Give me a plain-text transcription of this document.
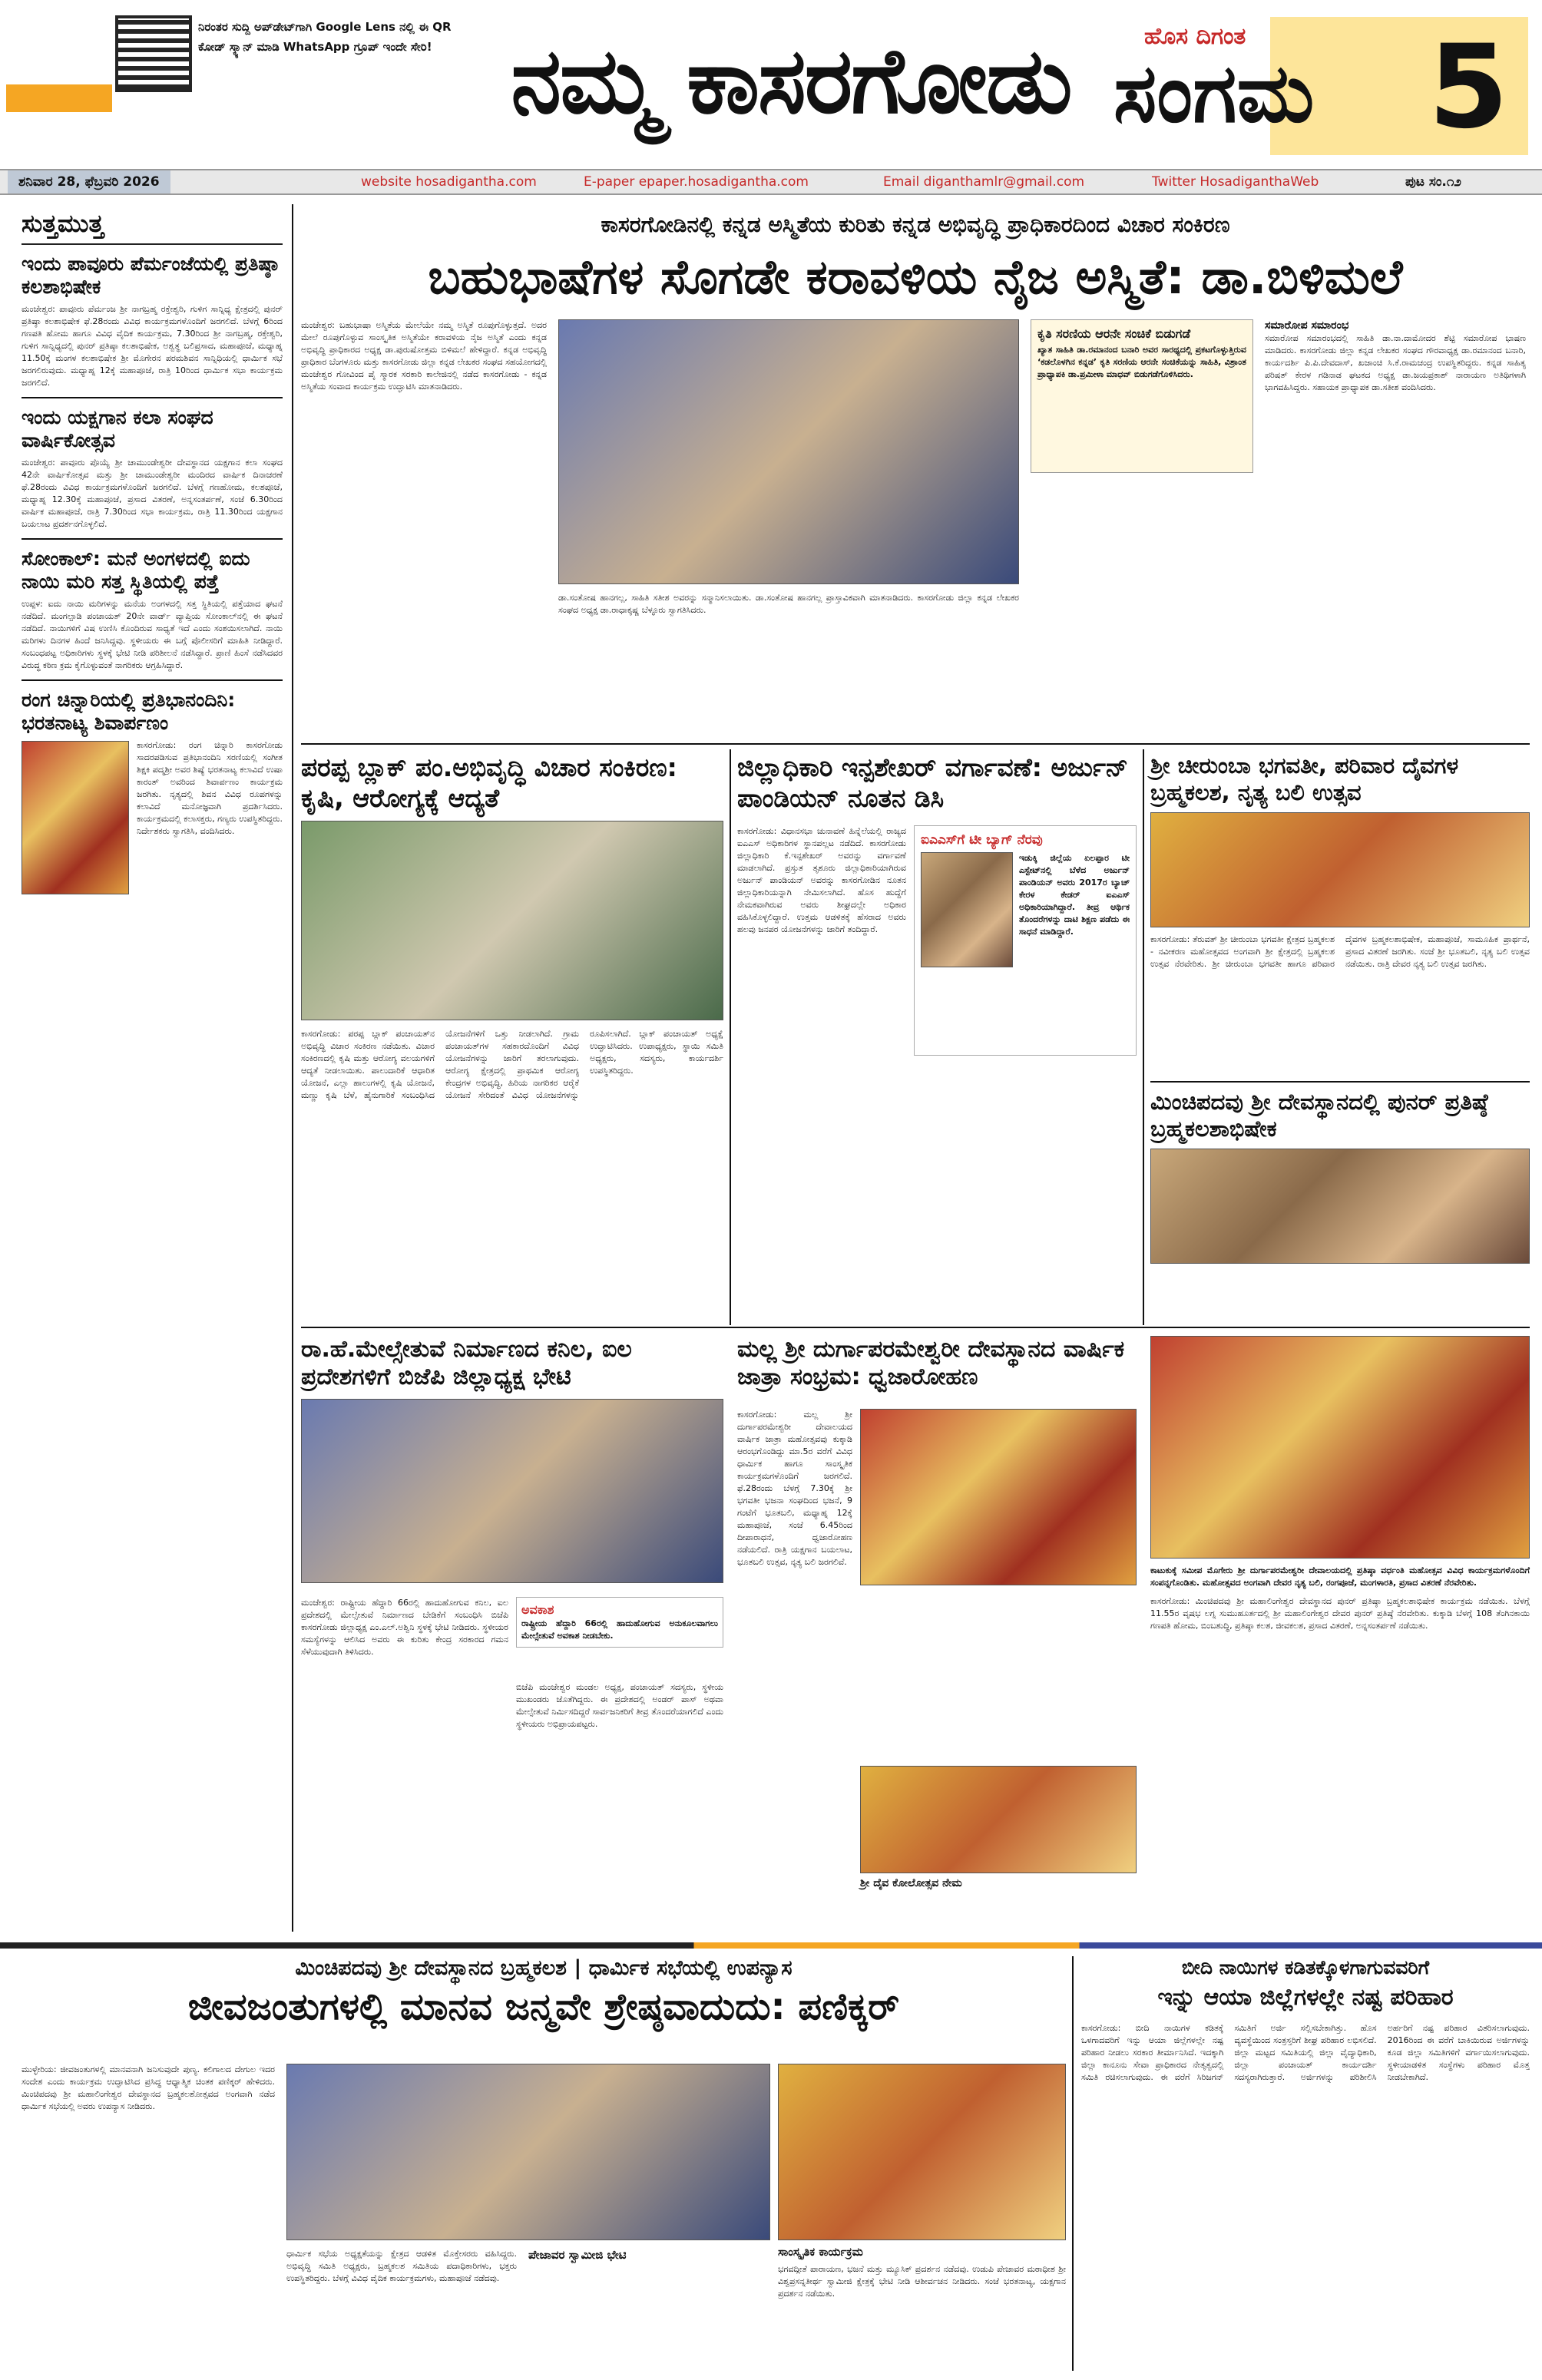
ನಿರಂತರ ಸುದ್ದಿ ಅಪ್‌ಡೇಟ್‌ಗಾಗಿ Google Lens ನಲ್ಲಿ ಈ QR ಕೋಡ್ ಸ್ಕ್ಯಾನ್ ಮಾಡಿ WhatsApp ಗ್ರೂಪ್ ಇಂದೇ ಸೇರಿ! ನಮ್ಮ ಕಾಸರಗೋಡು	ಹೊಸ ದಿಗಂತ
ಸಂಗಮ 5
ಶನಿವಾರ 28, ಫೆಬ್ರವರಿ 2026	website hosadigantha.com	E-paper epaper.hosadigantha.com	Email diganthamlr@gmail.com	Twitter HosadiganthaWeb	ಪುಟ ಸಂ.೧೨
ಸುತ್ತಮುತ್ತ
ಇಂದು ಪಾವೂರು ಪೆರ್ಮಂಜೆಯಲ್ಲಿ ಪ್ರತಿಷ್ಠಾ ಕಲಶಾಭಿಷೇಕ

ಮಂಜೇಶ್ವರ: ಪಾವೂರು ಪೆರ್ಮಂಜ ಶ್ರೀ ನಾಗಬ್ರಹ್ಮ ರಕ್ತೇಶ್ವರಿ, ಗುಳಿಗ ಸಾನ್ನಿಧ್ಯ ಕ್ಷೇತ್ರದಲ್ಲಿ ಪುನರ್ ಪ್ರತಿಷ್ಠಾ ಕಲಶಾಭಿಷೇಕ ಫೆ.28ರಂದು ವಿವಿಧ ಕಾರ್ಯಕ್ರಮಗಳೊಂದಿಗೆ ಜರಗಲಿದೆ. ಬೆಳಗ್ಗೆ 6ರಿಂದ ಗಣಪತಿ ಹೋಮ ಹಾಗೂ ವಿವಿಧ ವೈದಿಕ ಕಾರ್ಯಕ್ರಮ, 7.30ರಿಂದ ಶ್ರೀ ನಾಗಬ್ರಹ್ಮ, ರಕ್ತೇಶ್ವರಿ, ಗುಳಿಗ ಸಾನ್ನಿಧ್ಯದಲ್ಲಿ ಪುನರ್ ಪ್ರತಿಷ್ಠಾ ಕಲಶಾಭಿಷೇಕ, ಅಶ್ವತ್ಥ ಬಲಿಪ್ರಸಾದ, ಮಹಾಪೂಜೆ, ಮಧ್ಯಾಹ್ನ 11.50ಕ್ಕೆ ಮಂಗಳ ಕಲಶಾಭಿಷೇಕ ಶ್ರೀ ಮೊಗೇರನ ಪರಮಶಿವನ ಸಾನ್ನಿಧಿಯಲ್ಲಿ ಧಾರ್ಮಿಕ ಸಭೆ ಜರಗಲಿರುವುದು. ಮಧ್ಯಾಹ್ನ 12ಕ್ಕೆ ಮಹಾಪೂಜೆ, ರಾತ್ರಿ 10ರಿಂದ ಧಾರ್ಮಿಕ ಸಭಾ ಕಾರ್ಯಕ್ರಮ ಜರಗಲಿದೆ.

ಇಂದು ಯಕ್ಷಗಾನ ಕಲಾ ಸಂಘದ ವಾರ್ಷಿಕೋತ್ಸವ

ಮಂಜೇಶ್ವರ: ಪಾವೂರು ಪೊಯ್ಯೆ ಶ್ರೀ ಚಾಮುಂಡೇಶ್ವರೀ ದೇವಸ್ಥಾನದ ಯಕ್ಷಗಾನ ಕಲಾ ಸಂಘದ 42ನೇ ವಾರ್ಷಿಕೋತ್ಸವ ಮತ್ತು ಶ್ರೀ ಚಾಮುಂಡೇಶ್ವರೀ ಮಂದಿರದ ವಾರ್ಷಿಕ ದಿನಾಚರಣೆ ಫೆ.28ರಂದು ವಿವಿಧ ಕಾರ್ಯಕ್ರಮಗಳೊಂದಿಗೆ ಜರಗಲಿದೆ. ಬೆಳಗ್ಗೆ ಗಣಹೋಮ, ಕಲಶಪೂಜೆ, ಮಧ್ಯಾಹ್ನ 12.30ಕ್ಕೆ ಮಹಾಪೂಜೆ, ಪ್ರಸಾದ ವಿತರಣೆ, ಅನ್ನಸಂತರ್ಪಣೆ, ಸಂಜೆ 6.30ರಿಂದ ವಾರ್ಷಿಕ ಮಹಾಪೂಜೆ, ರಾತ್ರಿ 7.30ರಿಂದ ಸಭಾ ಕಾರ್ಯಕ್ರಮ, ರಾತ್ರಿ 11.30ರಿಂದ ಯಕ್ಷಗಾನ ಬಯಲಾಟ ಪ್ರದರ್ಶನಗೊಳ್ಳಲಿದೆ.

ಸೋಂಕಾಲ್: ಮನೆ ಅಂಗಳದಲ್ಲಿ ಐದು ನಾಯಿ ಮರಿ ಸತ್ತ ಸ್ಥಿತಿಯಲ್ಲಿ ಪತ್ತೆ

ಉಪ್ಪಳ: ಐದು ನಾಯಿ ಮರಿಗಳನ್ನು ಮನೆಯ ಅಂಗಳದಲ್ಲಿ ಸತ್ತ ಸ್ಥಿತಿಯಲ್ಲಿ ಪತ್ತೆಯಾದ ಘಟನೆ ನಡೆದಿದೆ. ಮಂಗಲ್ಪಾಡಿ ಪಂಚಾಯತ್ 20ನೇ ವಾರ್ಡ್ ವ್ಯಾಪ್ತಿಯ ಸೋಂಕಾಲ್‌ನಲ್ಲಿ ಈ ಘಟನೆ ನಡೆದಿದೆ. ನಾಯಿಗಳಿಗೆ ವಿಷ ಉಣಿಸಿ ಕೊಂದಿರುವ ಸಾಧ್ಯತೆ ಇದೆ ಎಂದು ಸಂಶಯಿಸಲಾಗಿದೆ. ನಾಯಿ ಮರಿಗಳು ದಿನಗಳ ಹಿಂದೆ ಜನಿಸಿದ್ದವು. ಸ್ಥಳೀಯರು ಈ ಬಗ್ಗೆ ಪೊಲೀಸರಿಗೆ ಮಾಹಿತಿ ನೀಡಿದ್ದಾರೆ. ಸಂಬಂಧಪಟ್ಟ ಅಧಿಕಾರಿಗಳು ಸ್ಥಳಕ್ಕೆ ಭೇಟಿ ನೀಡಿ ಪರಿಶೀಲನೆ ನಡೆಸಿದ್ದಾರೆ. ಪ್ರಾಣಿ ಹಿಂಸೆ ನಡೆಸಿದವರ ವಿರುದ್ಧ ಕಠಿಣ ಕ್ರಮ ಕೈಗೊಳ್ಳುವಂತೆ ನಾಗರಿಕರು ಆಗ್ರಹಿಸಿದ್ದಾರೆ.

ರಂಗ ಚಿನ್ನಾರಿಯಲ್ಲಿ ಪ್ರತಿಭಾನಂದಿನಿ: ಭರತನಾಟ್ಯ ಶಿವಾರ್ಪಣಂ

ಕಾಸರಗೋಡು: ರಂಗ ಚಿನ್ನಾರಿ ಕಾಸರಗೋಡು ಸಾದರಪಡಿಸುವ ಪ್ರತಿಭಾನಂದಿನಿ ಸರಣಿಯಲ್ಲಿ ಸಂಗೀತ ಶಿಕ್ಷಕಿ ಪದ್ಮಶ್ರೀ ಅವರ ಶಿಷ್ಯೆ ಭರತನಾಟ್ಯ ಕಲಾವಿದೆ ಉಷಾ ಕಾರಂತ್ ಅವರಿಂದ ಶಿವಾರ್ಪಣಂ ಕಾರ್ಯಕ್ರಮ ಜರಗಿತು. ನೃತ್ಯದಲ್ಲಿ ಶಿವನ ವಿವಿಧ ರೂಪಗಳನ್ನು ಕಲಾವಿದೆ ಮನೋಜ್ಞವಾಗಿ ಪ್ರದರ್ಶಿಸಿದರು. ಕಾರ್ಯಕ್ರಮದಲ್ಲಿ ಕಲಾಸಕ್ತರು, ಗಣ್ಯರು ಉಪಸ್ಥಿತರಿದ್ದರು. ನಿರ್ದೇಶಕರು ಸ್ವಾಗತಿಸಿ, ವಂದಿಸಿದರು.

ಕಾಸರಗೋಡಿನಲ್ಲಿ ಕನ್ನಡ ಅಸ್ಮಿತೆಯ ಕುರಿತು ಕನ್ನಡ ಅಭಿವೃದ್ಧಿ ಪ್ರಾಧಿಕಾರದಿಂದ ವಿಚಾರ ಸಂಕಿರಣ
ಬಹುಭಾಷೆಗಳ ಸೊಗಡೇ ಕರಾವಳಿಯ ನೈಜ ಅಸ್ಮಿತೆ: ಡಾ.ಬಿಳಿಮಲೆ
ಮಂಜೇಶ್ವರ: ಬಹುಭಾಷಾ ಅಸ್ಮಿತೆಯ ಮೇಲೆಯೇ ನಮ್ಮ ಅಸ್ಮಿತೆ ರೂಪುಗೊಳ್ಳುತ್ತದೆ. ಅದರ ಮೇಲೆ ರೂಪುಗೊಳ್ಳುವ ಸಾಂಸ್ಕೃತಿಕ ಅಸ್ಮಿತೆಯೇ ಕರಾವಳಿಯ ನೈಜ ಅಸ್ಮಿತೆ ಎಂದು ಕನ್ನಡ ಅಭಿವೃದ್ಧಿ ಪ್ರಾಧಿಕಾರದ ಅಧ್ಯಕ್ಷ ಡಾ.ಪುರುಷೋತ್ತಮ ಬಿಳಿಮಲೆ ಹೇಳಿದ್ದಾರೆ. ಕನ್ನಡ ಅಭಿವೃದ್ಧಿ ಪ್ರಾಧಿಕಾರ ಬೆಂಗಳೂರು ಮತ್ತು ಕಾಸರಗೋಡು ಜಿಲ್ಲಾ ಕನ್ನಡ ಲೇಖಕರ ಸಂಘದ ಸಹಯೋಗದಲ್ಲಿ ಮಂಜೇಶ್ವರ ಗೋವಿಂದ ಪೈ ಸ್ಮಾರಕ ಸರಕಾರಿ ಕಾಲೇಜಿನಲ್ಲಿ ನಡೆದ ಕಾಸರಗೋಡು - ಕನ್ನಡ ಅಸ್ಮಿತೆಯ ಸಂವಾದ ಕಾರ್ಯಕ್ರಮ ಉದ್ಘಾಟಿಸಿ ಮಾತನಾಡಿದರು.
ಡಾ.ಸಂತೋಷ ಹಾನಗಲ್ಲ, ಸಾಹಿತಿ ಸತೀಶ ಅವರನ್ನು ಸನ್ಮಾನಿಸಲಾಯಿತು. ಡಾ.ಸಂತೋಷ ಹಾನಗಲ್ಲ ಪ್ರಾಸ್ತಾವಿಕವಾಗಿ ಮಾತನಾಡಿದರು. ಕಾಸರಗೋಡು ಜಿಲ್ಲಾ ಕನ್ನಡ ಲೇಖಕರ ಸಂಘದ ಅಧ್ಯಕ್ಷ ಡಾ.ರಾಧಾಕೃಷ್ಣ ಬೆಳ್ಳೂರು ಸ್ವಾಗತಿಸಿದರು.
ಕೃತಿ ಸರಣಿಯ ಆರನೇ ಸಂಚಿಕೆ ಬಿಡುಗಡೆ

ಖ್ಯಾತ ಸಾಹಿತಿ ಡಾ.ರಮಾನಂದ ಬನಾರಿ ಅವರ ಸಾರಥ್ಯದಲ್ಲಿ ಪ್ರಕಟಗೊಳ್ಳುತ್ತಿರುವ ‘ಕಡಲೊಳಗಿನ ಕನ್ನಡ’ ಕೃತಿ ಸರಣಿಯ ಆರನೇ ಸಂಚಿಕೆಯನ್ನು ಸಾಹಿತಿ, ವಿಶ್ರಾಂತ ಪ್ರಾಧ್ಯಾಪಕಿ ಡಾ.ಪ್ರಮೀಳಾ ಮಾಧವ್ ಬಿಡುಗಡೆಗೊಳಿಸಿದರು.

ಸಮಾರೋಪ ಸಮಾರಂಭ
ಸಮಾರೋಪ ಸಮಾರಂಭದಲ್ಲಿ ಸಾಹಿತಿ ಡಾ.ನಾ.ದಾಮೋದರ ಶೆಟ್ಟಿ ಸಮಾರೋಪ ಭಾಷಣ ಮಾಡಿದರು. ಕಾಸರಗೋಡು ಜಿಲ್ಲಾ ಕನ್ನಡ ಲೇಖಕರ ಸಂಘದ ಗೌರವಾಧ್ಯಕ್ಷ ಡಾ.ರಮಾನಂದ ಬನಾರಿ, ಕಾರ್ಯದರ್ಶಿ ಪಿ.ಪಿ.ದೇವದಾಸ್, ಖಜಾಂಚಿ ಸಿ.ಕೆ.ರಾಮಚಂದ್ರ ಉಪಸ್ಥಿತರಿದ್ದರು. ಕನ್ನಡ ಸಾಹಿತ್ಯ ಪರಿಷತ್ ಕೇರಳ ಗಡಿನಾಡ ಘಟಕದ ಅಧ್ಯಕ್ಷ ಡಾ.ಜಯಪ್ರಕಾಶ್ ನಾರಾಯಣ ಅತಿಥಿಗಳಾಗಿ ಭಾಗವಹಿಸಿದ್ದರು. ಸಹಾಯಕ ಪ್ರಾಧ್ಯಾಪಕ ಡಾ.ಸತೀಶ ವಂದಿಸಿದರು.
ಪರಪ್ಪ ಬ್ಲಾಕ್ ಪಂ.ಅಭಿವೃದ್ಧಿ ವಿಚಾರ ಸಂಕಿರಣ: ಕೃಷಿ, ಆರೋಗ್ಯಕ್ಕೆ ಆದ್ಯತೆ
ಕಾಸರಗೋಡು: ಪರಪ್ಪ ಬ್ಲಾಕ್ ಪಂಚಾಯತ್‌ನ ಅಭಿವೃದ್ಧಿ ವಿಚಾರ ಸಂಕಿರಣ ನಡೆಯಿತು. ವಿಚಾರ ಸಂಕಿರಣದಲ್ಲಿ ಕೃಷಿ ಮತ್ತು ಆರೋಗ್ಯ ವಲಯಗಳಿಗೆ ಆದ್ಯತೆ ನೀಡಲಾಯಿತು. ಪಾಲುದಾರಿಕೆ ಆಧಾರಿತ ಯೋಜನೆ, ಎಲ್ಲಾ ಹಾಲುಗಳಲ್ಲಿ ಕೃಷಿ ಯೋಜನೆ, ಮಣ್ಣು ಕೃಷಿ ಬೆಳೆ, ಹೈನುಗಾರಿಕೆ ಸಂಬಂಧಿಸಿದ ಯೋಜನೆಗಳಿಗೆ ಒತ್ತು ನೀಡಲಾಗಿದೆ. ಗ್ರಾಮ ಪಂಚಾಯತ್‌ಗಳ ಸಹಕಾರದೊಂದಿಗೆ ವಿವಿಧ ಯೋಜನೆಗಳನ್ನು ಜಾರಿಗೆ ತರಲಾಗುವುದು. ಆರೋಗ್ಯ ಕ್ಷೇತ್ರದಲ್ಲಿ ಪ್ರಾಥಮಿಕ ಆರೋಗ್ಯ ಕೇಂದ್ರಗಳ ಅಭಿವೃದ್ಧಿ, ಹಿರಿಯ ನಾಗರಿಕರ ಆರೈಕೆ ಯೋಜನೆ ಸೇರಿದಂತೆ ವಿವಿಧ ಯೋಜನೆಗಳನ್ನು ರೂಪಿಸಲಾಗಿದೆ. ಬ್ಲಾಕ್ ಪಂಚಾಯತ್ ಅಧ್ಯಕ್ಷೆ ಉದ್ಘಾಟಿಸಿದರು. ಉಪಾಧ್ಯಕ್ಷರು, ಸ್ಥಾಯಿ ಸಮಿತಿ ಅಧ್ಯಕ್ಷರು, ಸದಸ್ಯರು, ಕಾರ್ಯದರ್ಶಿ ಉಪಸ್ಥಿತರಿದ್ದರು.
ಜಿಲ್ಲಾಧಿಕಾರಿ ಇನ್ಪಶೇಖರ್ ವರ್ಗಾವಣೆ: ಅರ್ಜುನ್ ಪಾಂಡಿಯನ್ ನೂತನ ಡಿಸಿ
ಐಎಎಸ್‌ಗೆ ಟೀ ಬ್ಯಾಗ್ ನೆರವು

ಇಡುಕ್ಕಿ ಜಿಲ್ಲೆಯ ಏಲಪ್ಪಾರ ಟೀ ಎಸ್ಟೇಟ್‌ನಲ್ಲಿ ಬೆಳೆದ ಅರ್ಜುನ್ ಪಾಂಡಿಯನ್ ಅವರು 2017ರ ಬ್ಯಾಚ್ ಕೇರಳ ಕೇಡರ್ ಐಎಎಸ್ ಅಧಿಕಾರಿಯಾಗಿದ್ದಾರೆ. ತೀವ್ರ ಆರ್ಥಿಕ ತೊಂದರೆಗಳನ್ನು ದಾಟಿ ಶಿಕ್ಷಣ ಪಡೆದು ಈ ಸಾಧನೆ ಮಾಡಿದ್ದಾರೆ.

ಕಾಸರಗೋಡು: ವಿಧಾನಸಭಾ ಚುನಾವಣೆ ಹಿನ್ನೆಲೆಯಲ್ಲಿ ರಾಜ್ಯದ ಐಎಎಸ್ ಅಧಿಕಾರಿಗಳ ಸ್ಥಾನಪಲ್ಲಟ ನಡೆದಿದೆ. ಕಾಸರಗೋಡು ಜಿಲ್ಲಾಧಿಕಾರಿ ಕೆ.ಇನ್ಪಶೇಖರ್ ಅವರನ್ನು ವರ್ಗಾವಣೆ ಮಾಡಲಾಗಿದೆ. ಪ್ರಸ್ತುತ ತೃಶೂರು ಜಿಲ್ಲಾಧಿಕಾರಿಯಾಗಿರುವ ಅರ್ಜುನ್ ಪಾಂಡಿಯನ್ ಅವರನ್ನು ಕಾಸರಗೋಡಿನ ನೂತನ ಜಿಲ್ಲಾಧಿಕಾರಿಯನ್ನಾಗಿ ನೇಮಿಸಲಾಗಿದೆ. ಹೊಸ ಹುದ್ದೆಗೆ ನೇಮಕವಾಗಿರುವ ಅವರು ಶೀಘ್ರದಲ್ಲೇ ಅಧಿಕಾರ ವಹಿಸಿಕೊಳ್ಳಲಿದ್ದಾರೆ. ಉತ್ತಮ ಆಡಳಿತಕ್ಕೆ ಹೆಸರಾದ ಅವರು ಹಲವು ಜನಪರ ಯೋಜನೆಗಳನ್ನು ಜಾರಿಗೆ ತಂದಿದ್ದಾರೆ.
ಶ್ರೀ ಚೀರುಂಬಾ ಭಗವತೀ, ಪರಿವಾರ ದೈವಗಳ ಬ್ರಹ್ಮಕಲಶ, ನೃತ್ಯ ಬಲಿ ಉತ್ಸವ
ಕಾಸರಗೋಡು: ತೆರುವತ್ ಶ್ರೀ ಚೀರುಂಬಾ ಭಗವತೀ ಕ್ಷೇತ್ರದ ಬ್ರಹ್ಮಕಲಶ - ನವೀಕರಣ ಮಹೋತ್ಸವದ ಅಂಗವಾಗಿ ಶ್ರೀ ಕ್ಷೇತ್ರದಲ್ಲಿ ಬ್ರಹ್ಮಕಲಶ ಉತ್ಸವ ನೆರವೇರಿತು. ಶ್ರೀ ಚೀರುಂಬಾ ಭಗವತೀ ಹಾಗೂ ಪರಿವಾರ ದೈವಗಳ ಬ್ರಹ್ಮಕಲಶಾಭಿಷೇಕ, ಮಹಾಪೂಜೆ, ಸಾಮೂಹಿಕ ಪ್ರಾರ್ಥನೆ, ಪ್ರಸಾದ ವಿತರಣೆ ಜರಗಿತು. ಸಂಜೆ ಶ್ರೀ ಭೂತಬಲಿ, ನೃತ್ಯ ಬಲಿ ಉತ್ಸವ ನಡೆಯಿತು. ರಾತ್ರಿ ದೇವರ ನೃತ್ಯ ಬಲಿ ಉತ್ಸವ ಜರಗಿತು.
ಮಿಂಚಿಪದವು ಶ್ರೀ ದೇವಸ್ಥಾನದಲ್ಲಿ ಪುನರ್ ಪ್ರತಿಷ್ಠೆ ಬ್ರಹ್ಮಕಲಶಾಭಿಷೇಕ
ರಾ.ಹೆ.ಮೇಲ್ಸೇತುವೆ ನಿರ್ಮಾಣದ ಕನಿಲ, ಐಲ ಪ್ರದೇಶಗಳಿಗೆ ಬಿಜೆಪಿ ಜಿಲ್ಲಾಧ್ಯಕ್ಷ ಭೇಟಿ
ಮಂಜೇಶ್ವರ: ರಾಷ್ಟ್ರೀಯ ಹೆದ್ದಾರಿ 66ರಲ್ಲಿ ಹಾದುಹೋಗುವ ಕನಿಲ, ಐಲ ಪ್ರದೇಶದಲ್ಲಿ ಮೇಲ್ಸೇತುವೆ ನಿರ್ಮಾಣದ ಬೇಡಿಕೆಗೆ ಸಂಬಂಧಿಸಿ ಬಿಜೆಪಿ ಕಾಸರಗೋಡು ಜಿಲ್ಲಾಧ್ಯಕ್ಷ ಎಂ.ಎಲ್.ಅಶ್ವಿನಿ ಸ್ಥಳಕ್ಕೆ ಭೇಟಿ ನೀಡಿದರು. ಸ್ಥಳೀಯರ ಸಮಸ್ಯೆಗಳನ್ನು ಆಲಿಸಿದ ಅವರು ಈ ಕುರಿತು ಕೇಂದ್ರ ಸರಕಾರದ ಗಮನ ಸೆಳೆಯುವುದಾಗಿ ತಿಳಿಸಿದರು.
ಅವಕಾಶ

ರಾಷ್ಟ್ರೀಯ ಹೆದ್ದಾರಿ 66ರಲ್ಲಿ ಹಾದುಹೋಗುವ ಅನುಕೂಲವಾಗಲು ಮೇಲ್ಸೇತುವೆ ಅವಕಾಶ ನೀಡಬೇಕು.

ಬಿಜೆಪಿ ಮಂಜೇಶ್ವರ ಮಂಡಲ ಅಧ್ಯಕ್ಷ, ಪಂಚಾಯತ್ ಸದಸ್ಯರು, ಸ್ಥಳೀಯ ಮುಖಂಡರು ಜೊತೆಗಿದ್ದರು. ಈ ಪ್ರದೇಶದಲ್ಲಿ ಅಂಡರ್ ಪಾಸ್ ಅಥವಾ ಮೇಲ್ಸೇತುವೆ ನಿರ್ಮಿಸದಿದ್ದರೆ ಸಾರ್ವಜನಿಕರಿಗೆ ತೀವ್ರ ತೊಂದರೆಯಾಗಲಿದೆ ಎಂದು ಸ್ಥಳೀಯರು ಅಭಿಪ್ರಾಯಪಟ್ಟರು.
ಮಲ್ಲ ಶ್ರೀ ದುರ್ಗಾಪರಮೇಶ್ವರೀ ದೇವಸ್ಥಾನದ ವಾರ್ಷಿಕ ಜಾತ್ರಾ ಸಂಭ್ರಮ: ಧ್ವಜಾರೋಹಣ
ಕಾಸರಗೋಡು: ಮಲ್ಲ ಶ್ರೀ ದುರ್ಗಾಪರಮೇಶ್ವರೀ ದೇವಾಲಯದ ವಾರ್ಷಿಕ ಜಾತ್ರಾ ಮಹೋತ್ಸವವು ಕುಕ್ಕಾಡಿ ಆರಂಭಗೊಂಡಿದ್ದು ಮಾ.5ರ ವರೆಗೆ ವಿವಿಧ ಧಾರ್ಮಿಕ ಹಾಗೂ ಸಾಂಸ್ಕೃತಿಕ ಕಾರ್ಯಕ್ರಮಗಳೊಂದಿಗೆ ಜರಗಲಿದೆ. ಫೆ.28ರಂದು ಬೆಳಗ್ಗೆ 7.30ಕ್ಕೆ ಶ್ರೀ ಭಗವತೀ ಭಜನಾ ಸಂಘದಿಂದ ಭಜನೆ, 9 ಗಂಟೆಗೆ ಭೂತಬಲಿ, ಮಧ್ಯಾಹ್ನ 12ಕ್ಕೆ ಮಹಾಪೂಜೆ, ಸಂಜೆ 6.45ರಿಂದ ದೀಪಾರಾಧನೆ, ಧ್ವಜಾರೋಹಣ ನಡೆಯಲಿದೆ. ರಾತ್ರಿ ಯಕ್ಷಗಾನ ಬಯಲಾಟ, ಭೂತಬಲಿ ಉತ್ಸವ, ನೃತ್ಯ ಬಲಿ ಜರಗಲಿವೆ.
ಶ್ರೀ ದೈವ ಕೋಲೋತ್ಸವ ನೇಮ

ಕಾಟುಕುಕ್ಕೆ ಸಮೀಪ ಮೊಗೇರು ಶ್ರೀ ದುರ್ಗಾಪರಮೇಶ್ವರೀ ದೇವಾಲಯದಲ್ಲಿ ಪ್ರತಿಷ್ಠಾ ವರ್ಧಂತಿ ಮಹೋತ್ಸವ ವಿವಿಧ ಕಾರ್ಯಕ್ರಮಗಳೊಂದಿಗೆ ಸಂಪನ್ನಗೊಂಡಿತು. ಮಹೋತ್ಸವದ ಅಂಗವಾಗಿ ದೇವರ ನೃತ್ಯ ಬಲಿ, ರಂಗಪೂಜೆ, ಮಂಗಳಾರತಿ, ಪ್ರಸಾದ ವಿತರಣೆ ನೆರವೇರಿತು.

ಕಾಸರಗೋಡು: ಮಿಂಚಿಪದವು ಶ್ರೀ ಮಹಾಲಿಂಗೇಶ್ವರ ದೇವಸ್ಥಾನದ ಪುನರ್ ಪ್ರತಿಷ್ಠಾ ಬ್ರಹ್ಮಕಲಶಾಭಿಷೇಕ ಕಾರ್ಯಕ್ರಮ ನಡೆಯಿತು. ಬೆಳಗ್ಗೆ 11.55ರ ವೃಷಭ ಲಗ್ನ ಸುಮುಹೂರ್ತದಲ್ಲಿ ಶ್ರೀ ಮಹಾಲಿಂಗೇಶ್ವರ ದೇವರ ಪುನರ್ ಪ್ರತಿಷ್ಠೆ ನೆರವೇರಿತು. ಕುಕ್ಕಾಡಿ ಬೆಳಗ್ಗೆ 108 ತೆಂಗಿನಕಾಯಿ ಗಣಪತಿ ಹೋಮ, ಬಿಂಬಶುದ್ಧಿ, ಪ್ರತಿಷ್ಠಾ ಕಲಶ, ಜೀವಕಲಶ, ಪ್ರಸಾದ ವಿತರಣೆ, ಅನ್ನಸಂತರ್ಪಣೆ ನಡೆಯಿತು.

ಮಿಂಚಿಪದವು ಶ್ರೀ ದೇವಸ್ಥಾನದ ಬ್ರಹ್ಮಕಲಶ | ಧಾರ್ಮಿಕ ಸಭೆಯಲ್ಲಿ ಉಪನ್ಯಾಸ
ಜೀವಜಂತುಗಳಲ್ಲಿ ಮಾನವ ಜನ್ಮವೇ ಶ್ರೇಷ್ಠವಾದುದು: ಪಣಿಕ್ಕರ್
ಮುಳ್ಳೇರಿಯ: ಜೀವಜಂತುಗಳಲ್ಲಿ ಮಾನವನಾಗಿ ಜನಿಸುವುದೇ ಪುಣ್ಯ. ಕಲಿಗಾಲದ ದೇಗುಲ ಇದರ ಸಂದೇಶ ಎಂದು ಕಾರ್ಯಕ್ರಮ ಉದ್ಘಾಟಿಸಿದ ಪ್ರಸಿದ್ಧ ಆಧ್ಯಾತ್ಮಿಕ ಚಿಂತಕ ಪಣಿಕ್ಕರ್ ಹೇಳಿದರು. ಮಿಂಚಿಪದವು ಶ್ರೀ ಮಹಾಲಿಂಗೇಶ್ವರ ದೇವಸ್ಥಾನದ ಬ್ರಹ್ಮಕಲಶೋತ್ಸವದ ಅಂಗವಾಗಿ ನಡೆದ ಧಾರ್ಮಿಕ ಸಭೆಯಲ್ಲಿ ಅವರು ಉಪನ್ಯಾಸ ನೀಡಿದರು.
ಧಾರ್ಮಿಕ ಸಭೆಯ ಅಧ್ಯಕ್ಷತೆಯನ್ನು ಕ್ಷೇತ್ರದ ಆಡಳಿತ ಮೊಕ್ತೇಸರರು ವಹಿಸಿದ್ದರು. ಅಭಿವೃದ್ಧಿ ಸಮಿತಿ ಅಧ್ಯಕ್ಷರು, ಬ್ರಹ್ಮಕಲಶ ಸಮಿತಿಯ ಪದಾಧಿಕಾರಿಗಳು, ಭಕ್ತರು ಉಪಸ್ಥಿತರಿದ್ದರು. ಬೆಳಗ್ಗೆ ವಿವಿಧ ವೈದಿಕ ಕಾರ್ಯಕ್ರಮಗಳು, ಮಹಾಪೂಜೆ ನಡೆದವು.
ಸಾಂಸ್ಕೃತಿಕ ಕಾರ್ಯಕ್ರಮ
ಪೇಜಾವರ ಸ್ವಾಮೀಜಿ ಭೇಟಿ
ಭಗವದ್ಗೀತೆ ಪಾರಾಯಣ, ಭಜನೆ ಮತ್ತು ಮ್ಯೂಸಿಕ್ ಪ್ರದರ್ಶನ ನಡೆದವು. ಉಡುಪಿ ಪೇಜಾವರ ಮಠಾಧೀಶ ಶ್ರೀ ವಿಶ್ವಪ್ರಸನ್ನತೀರ್ಥ ಸ್ವಾಮೀಜಿ ಕ್ಷೇತ್ರಕ್ಕೆ ಭೇಟಿ ನೀಡಿ ಆಶೀರ್ವಚನ ನೀಡಿದರು. ಸಂಜೆ ಭರತನಾಟ್ಯ, ಯಕ್ಷಗಾನ ಪ್ರದರ್ಶನ ನಡೆಯಿತು.
ಬೀದಿ ನಾಯಿಗಳ ಕಡಿತಕ್ಕೊಳಗಾಗುವವರಿಗೆ
ಇನ್ನು ಆಯಾ ಜಿಲ್ಲೆಗಳಲ್ಲೇ ನಷ್ಟ ಪರಿಹಾರ
ಕಾಸರಗೋಡು: ಬೀದಿ ನಾಯಿಗಳ ಕಡಿತಕ್ಕೆ ಒಳಗಾದವರಿಗೆ ಇನ್ನು ಆಯಾ ಜಿಲ್ಲೆಗಳಲ್ಲೇ ನಷ್ಟ ಪರಿಹಾರ ನೀಡಲು ಸರಕಾರ ತೀರ್ಮಾನಿಸಿದೆ. ಇದಕ್ಕಾಗಿ ಜಿಲ್ಲಾ ಕಾನೂನು ಸೇವಾ ಪ್ರಾಧಿಕಾರದ ನೇತೃತ್ವದಲ್ಲಿ ಸಮಿತಿ ರಚಿಸಲಾಗುವುದು. ಈ ವರೆಗೆ ಸಿರಿಜಗನ್ ಸಮಿತಿಗೆ ಅರ್ಜಿ ಸಲ್ಲಿಸಬೇಕಾಗಿತ್ತು. ಹೊಸ ವ್ಯವಸ್ಥೆಯಿಂದ ಸಂತ್ರಸ್ತರಿಗೆ ಶೀಘ್ರ ಪರಿಹಾರ ಲಭಿಸಲಿದೆ. ಜಿಲ್ಲಾ ಮಟ್ಟದ ಸಮಿತಿಯಲ್ಲಿ ಜಿಲ್ಲಾ ವೈದ್ಯಾಧಿಕಾರಿ, ಜಿಲ್ಲಾ ಪಂಚಾಯತ್ ಕಾರ್ಯದರ್ಶಿ ಸದಸ್ಯರಾಗಿರುತ್ತಾರೆ. ಅರ್ಜಿಗಳನ್ನು ಪರಿಶೀಲಿಸಿ ಅರ್ಹರಿಗೆ ನಷ್ಟ ಪರಿಹಾರ ವಿತರಿಸಲಾಗುವುದು. 2016ರಿಂದ ಈ ವರೆಗೆ ಬಾಕಿಯಿರುವ ಅರ್ಜಿಗಳನ್ನು ಕೂಡ ಜಿಲ್ಲಾ ಸಮಿತಿಗಳಿಗೆ ವರ್ಗಾಯಿಸಲಾಗುವುದು. ಸ್ಥಳೀಯಾಡಳಿತ ಸಂಸ್ಥೆಗಳು ಪರಿಹಾರ ಮೊತ್ತ ನೀಡಬೇಕಾಗಿದೆ.
